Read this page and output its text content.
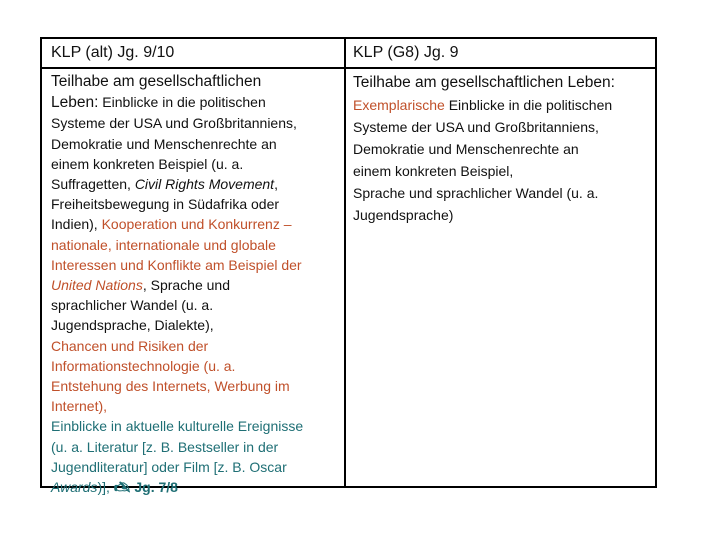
KLP (alt) Jg. 9/10	KLP (G8) Jg. 9
Teilhabe am gesellschaftlichen
Leben: Einblicke in die politischen
Systeme der USA und Großbritanniens,
Demokratie und Menschenrechte an
einem konkreten Beispiel (u. a.
Suffragetten, Civil Rights Movement,
Freiheitsbewegung in Südafrika oder
Indien), Kooperation und Konkurrenz –
nationale, internationale und globale
Interessen und Konflikte am Beispiel der
United Nations, Sprache und
sprachlicher Wandel (u. a.
Jugendsprache, Dialekte),
Chancen und Risiken der
Informationstechnologie (u. a.
Entstehung des Internets, Werbung im
Internet),
Einblicke in aktuelle kulturelle Ereignisse
(u. a. Literatur [z. B. Bestseller in der
Jugendliteratur] oder Film [z. B. Oscar
Awards)], 🖎 Jg. 7/8
Teilhabe am gesellschaftlichen Leben:
Exemplarische Einblicke in die politischen
Systeme der USA und Großbritanniens,
Demokratie und Menschenrechte an
einem konkreten Beispiel,
Sprache und sprachlicher Wandel (u. a.
Jugendsprache)
